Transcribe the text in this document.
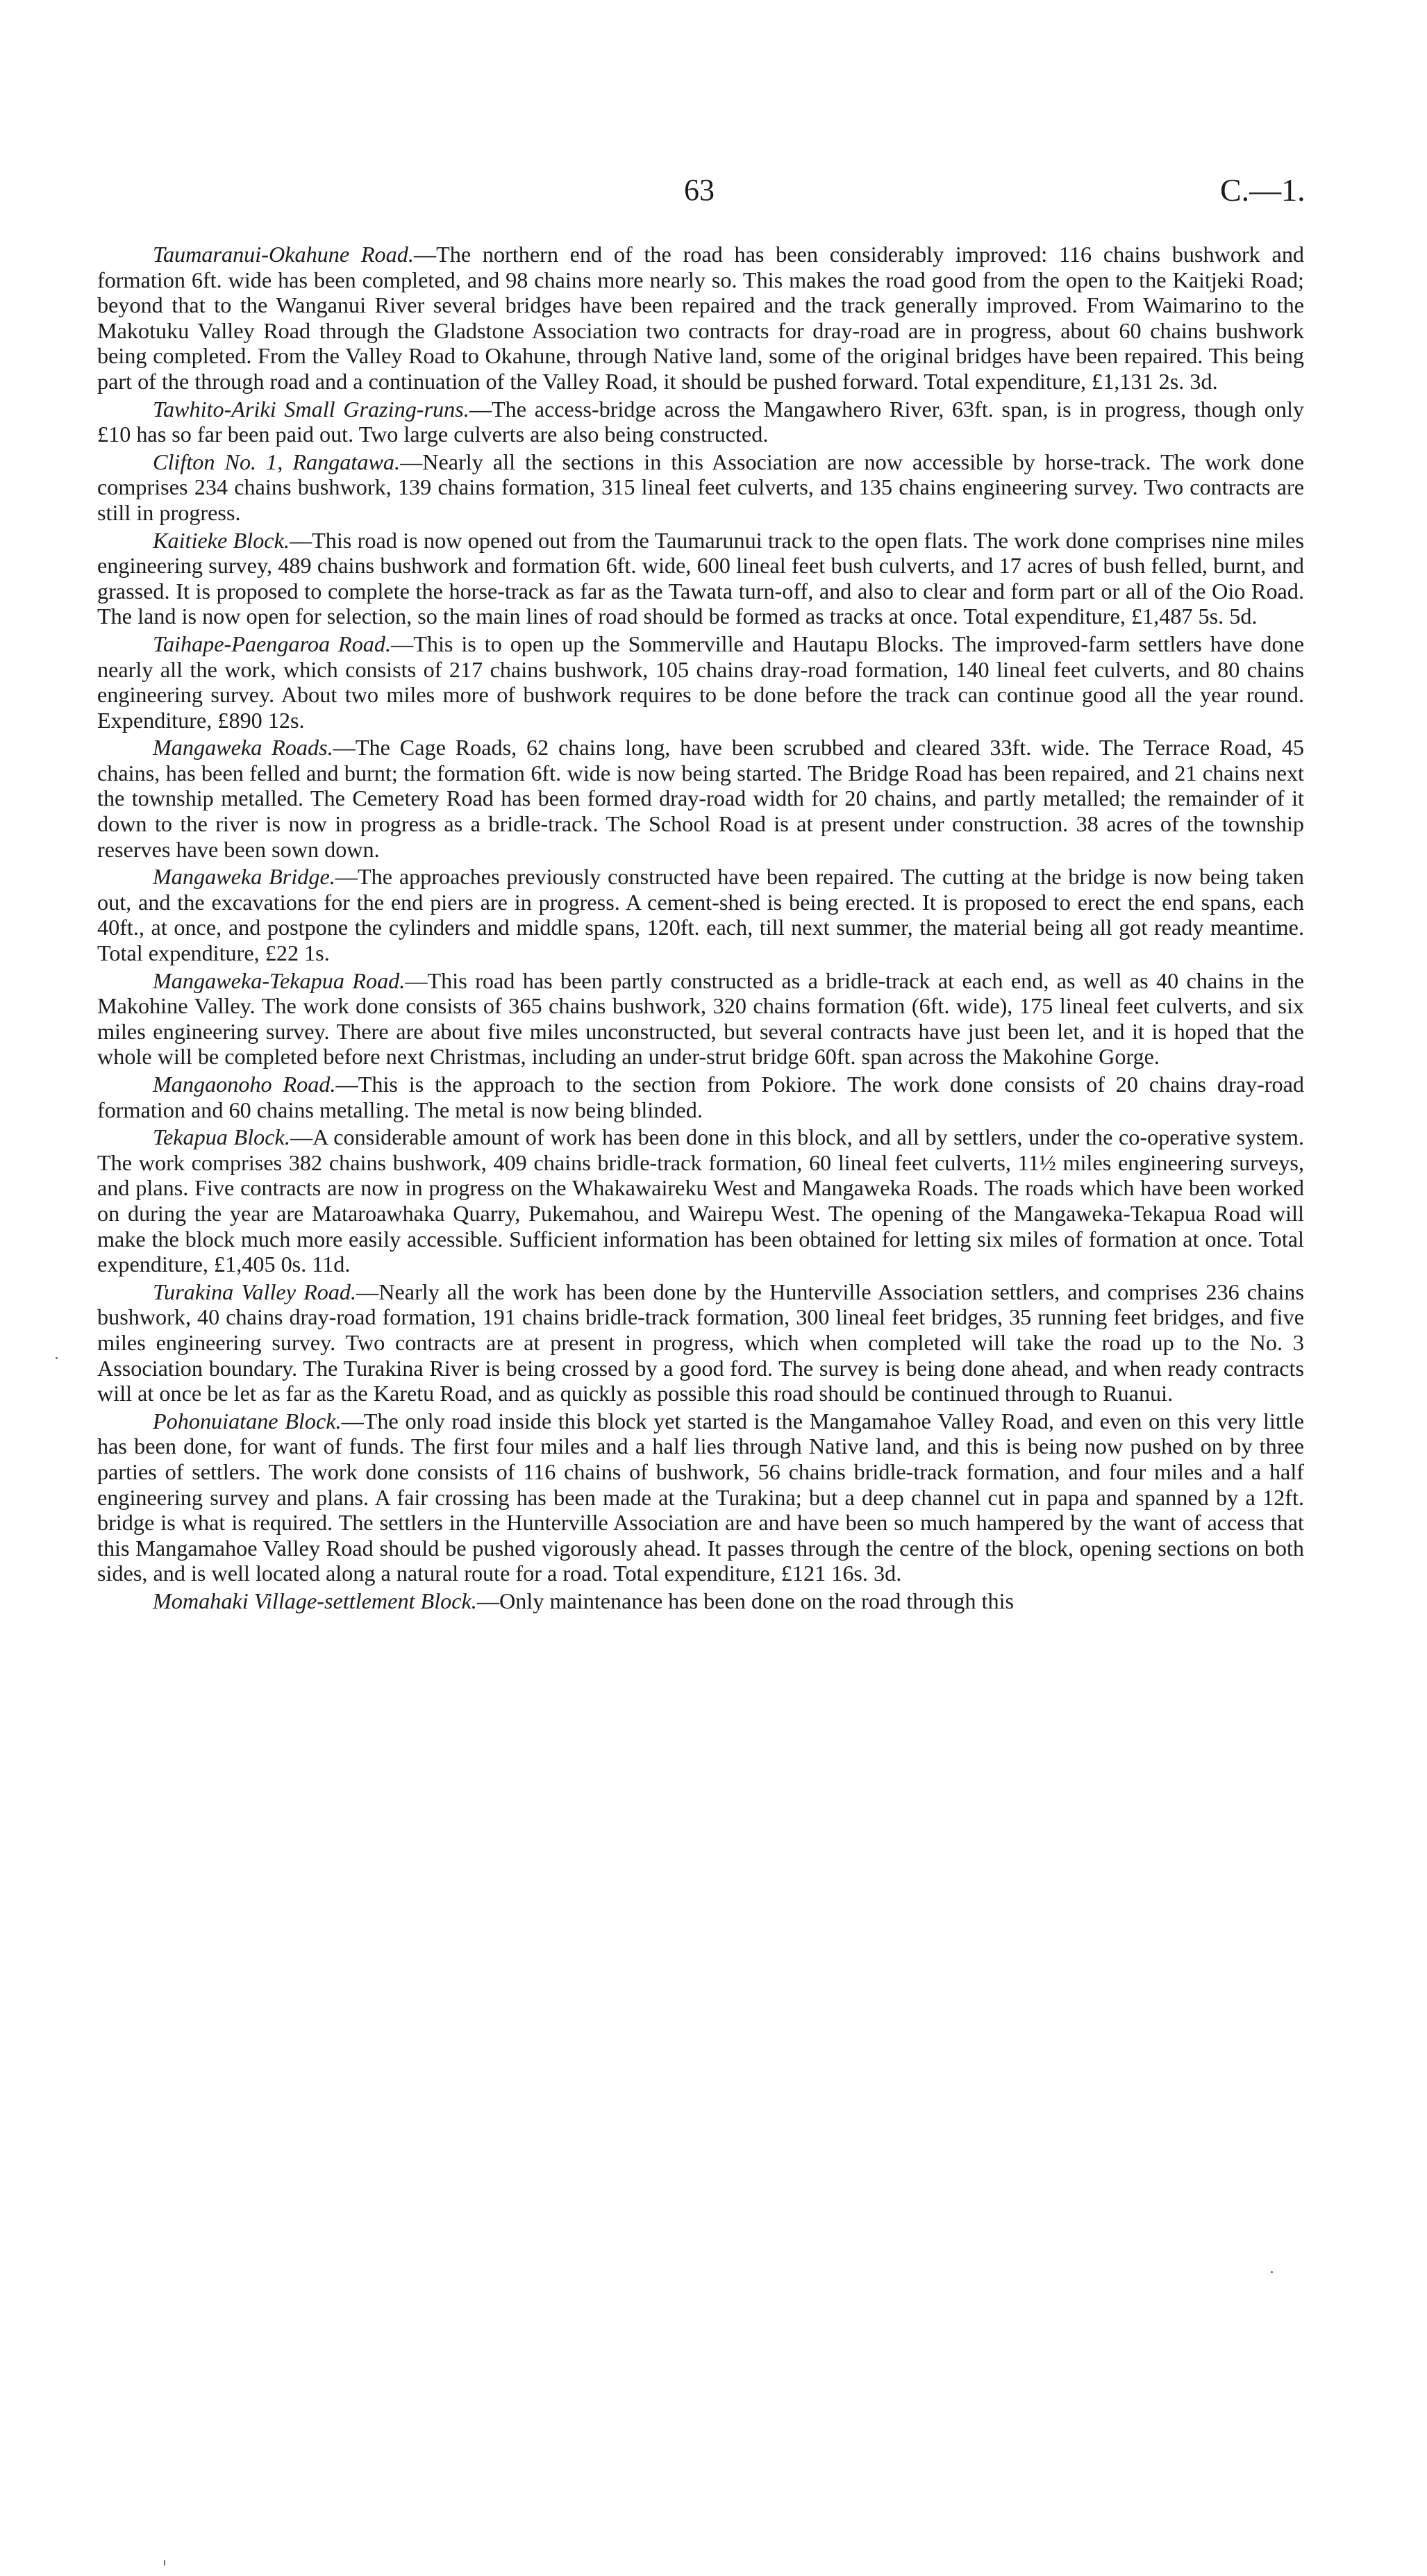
63	C.—1.

Taumaranui-Okahune Road.—The northern end of the road has been considerably improved: 116 chains bushwork and formation 6ft. wide has been completed, and 98 chains more nearly so. This makes the road good from the open to the Kaitjeki Road; beyond that to the Wanganui River several bridges have been repaired and the track generally improved. From Waimarino to the Makotuku Valley Road through the Gladstone Association two contracts for dray-road are in progress, about 60 chains bushwork being completed. From the Valley Road to Okahune, through Native land, some of the original bridges have been repaired. This being part of the through road and a continuation of the Valley Road, it should be pushed forward. Total expenditure, £1,131 2s. 3d.

Tawhito-Ariki Small Grazing-runs.—The access-bridge across the Mangawhero River, 63ft. span, is in progress, though only £10 has so far been paid out. Two large culverts are also being constructed.

Clifton No. 1, Rangatawa.—Nearly all the sections in this Association are now accessible by horse-track. The work done comprises 234 chains bushwork, 139 chains formation, 315 lineal feet culverts, and 135 chains engineering survey. Two contracts are still in progress.

Kaitieke Block.—This road is now opened out from the Taumarunui track to the open flats. The work done comprises nine miles engineering survey, 489 chains bushwork and formation 6ft. wide, 600 lineal feet bush culverts, and 17 acres of bush felled, burnt, and grassed. It is proposed to complete the horse-track as far as the Tawata turn-off, and also to clear and form part or all of the Oio Road. The land is now open for selection, so the main lines of road should be formed as tracks at once. Total expenditure, £1,487 5s. 5d.

Taihape-Paengaroa Road.—This is to open up the Sommerville and Hautapu Blocks. The improved-farm settlers have done nearly all the work, which consists of 217 chains bushwork, 105 chains dray-road formation, 140 lineal feet culverts, and 80 chains engineering survey. About two miles more of bushwork requires to be done before the track can continue good all the year round. Expenditure, £890 12s.

Mangaweka Roads.—The Cage Roads, 62 chains long, have been scrubbed and cleared 33ft. wide. The Terrace Road, 45 chains, has been felled and burnt; the formation 6ft. wide is now being started. The Bridge Road has been repaired, and 21 chains next the township metalled. The Cemetery Road has been formed dray-road width for 20 chains, and partly metalled; the remainder of it down to the river is now in progress as a bridle-track. The School Road is at present under construction. 38 acres of the township reserves have been sown down.

Mangaweka Bridge.—The approaches previously constructed have been repaired. The cutting at the bridge is now being taken out, and the excavations for the end piers are in progress. A cement-shed is being erected. It is proposed to erect the end spans, each 40ft., at once, and postpone the cylinders and middle spans, 120ft. each, till next summer, the material being all got ready meantime. Total expenditure, £22 1s.

Mangaweka-Tekapua Road.—This road has been partly constructed as a bridle-track at each end, as well as 40 chains in the Makohine Valley. The work done consists of 365 chains bushwork, 320 chains formation (6ft. wide), 175 lineal feet culverts, and six miles engineering survey. There are about five miles unconstructed, but several contracts have just been let, and it is hoped that the whole will be completed before next Christmas, including an under-strut bridge 60ft. span across the Makohine Gorge.

Mangaonoho Road.—This is the approach to the section from Pokiore. The work done consists of 20 chains dray-road formation and 60 chains metalling. The metal is now being blinded.

Tekapua Block.—A considerable amount of work has been done in this block, and all by settlers, under the co-operative system. The work comprises 382 chains bushwork, 409 chains bridle-track formation, 60 lineal feet culverts, 11½ miles engineering surveys, and plans. Five contracts are now in progress on the Whakawaireku West and Mangaweka Roads. The roads which have been worked on during the year are Mataroawhaka Quarry, Pukemahou, and Wairepu West. The opening of the Mangaweka-Tekapua Road will make the block much more easily accessible. Sufficient information has been obtained for letting six miles of formation at once. Total expenditure, £1,405 0s. 11d.

Turakina Valley Road.—Nearly all the work has been done by the Hunterville Association settlers, and comprises 236 chains bushwork, 40 chains dray-road formation, 191 chains bridle-track formation, 300 lineal feet bridges, 35 running feet bridges, and five miles engineering survey. Two contracts are at present in progress, which when completed will take the road up to the No. 3 Association boundary. The Turakina River is being crossed by a good ford. The survey is being done ahead, and when ready contracts will at once be let as far as the Karetu Road, and as quickly as possible this road should be continued through to Ruanui.

Pohonuiatane Block.—The only road inside this block yet started is the Mangamahoe Valley Road, and even on this very little has been done, for want of funds. The first four miles and a half lies through Native land, and this is being now pushed on by three parties of settlers. The work done consists of 116 chains of bushwork, 56 chains bridle-track formation, and four miles and a half engineering survey and plans. A fair crossing has been made at the Turakina; but a deep channel cut in papa and spanned by a 12ft. bridge is what is required. The settlers in the Hunterville Association are and have been so much hampered by the want of access that this Mangamahoe Valley Road should be pushed vigorously ahead. It passes through the centre of the block, opening sections on both sides, and is well located along a natural route for a road. Total expenditure, £121 16s. 3d.

Momahaki Village-settlement Block.—Only maintenance has been done on the road through this
